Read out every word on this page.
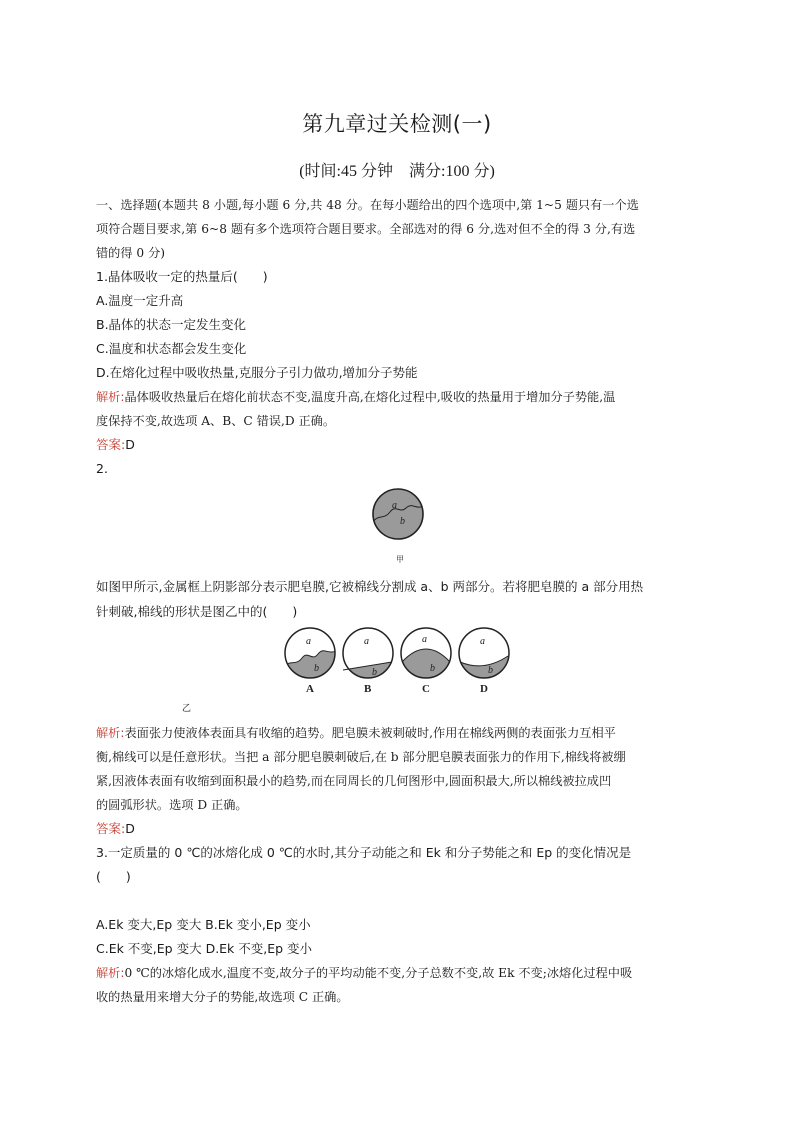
第九章过关检测(一)
(时间:45 分钟　满分:100 分)
一、选择题(本题共 8 小题,每小题 6 分,共 48 分。在每小题给出的四个选项中,第 1~5 题只有一个选
项符合题目要求,第 6~8 题有多个选项符合题目要求。全部选对的得 6 分,选对但不全的得 3 分,有选
错的得 0 分)
1.晶体吸收一定的热量后(　　)
A.温度一定升高
B.晶体的状态一定发生变化
C.温度和状态都会发生变化
D.在熔化过程中吸收热量,克服分子引力做功,增加分子势能
解析:晶体吸收热量后在熔化前状态不变,温度升高,在熔化过程中,吸收的热量用于增加分子势能,温
度保持不变,故选项 A、B、C 错误,D 正确。
答案:D
2.
a
b
甲
如图甲所示,金属框上阴影部分表示肥皂膜,它被棉线分割成 a、b 两部分。若将肥皂膜的 a 部分用热
针刺破,棉线的形状是图乙中的(　　)
a
b
a
b
a
b
a
b
A	B	C	D
乙
解析:表面张力使液体表面具有收缩的趋势。肥皂膜未被刺破时,作用在棉线两侧的表面张力互相平
衡,棉线可以是任意形状。当把 a 部分肥皂膜刺破后,在 b 部分肥皂膜表面张力的作用下,棉线将被绷
紧,因液体表面有收缩到面积最小的趋势,而在同周长的几何图形中,圆面积最大,所以棉线被拉成凹
的圆弧形状。选项 D 正确。
答案:D
3.一定质量的 0 ℃的冰熔化成 0 ℃的水时,其分子动能之和 Ek 和分子势能之和 Ep 的变化情况是
(　　)
A.Ek 变大,Ep 变大 B.Ek 变小,Ep 变小
C.Ek 不变,Ep 变大 D.Ek 不变,Ep 变小
解析:0 ℃的冰熔化成水,温度不变,故分子的平均动能不变,分子总数不变,故 Ek 不变;冰熔化过程中吸
收的热量用来增大分子的势能,故选项 C 正确。
